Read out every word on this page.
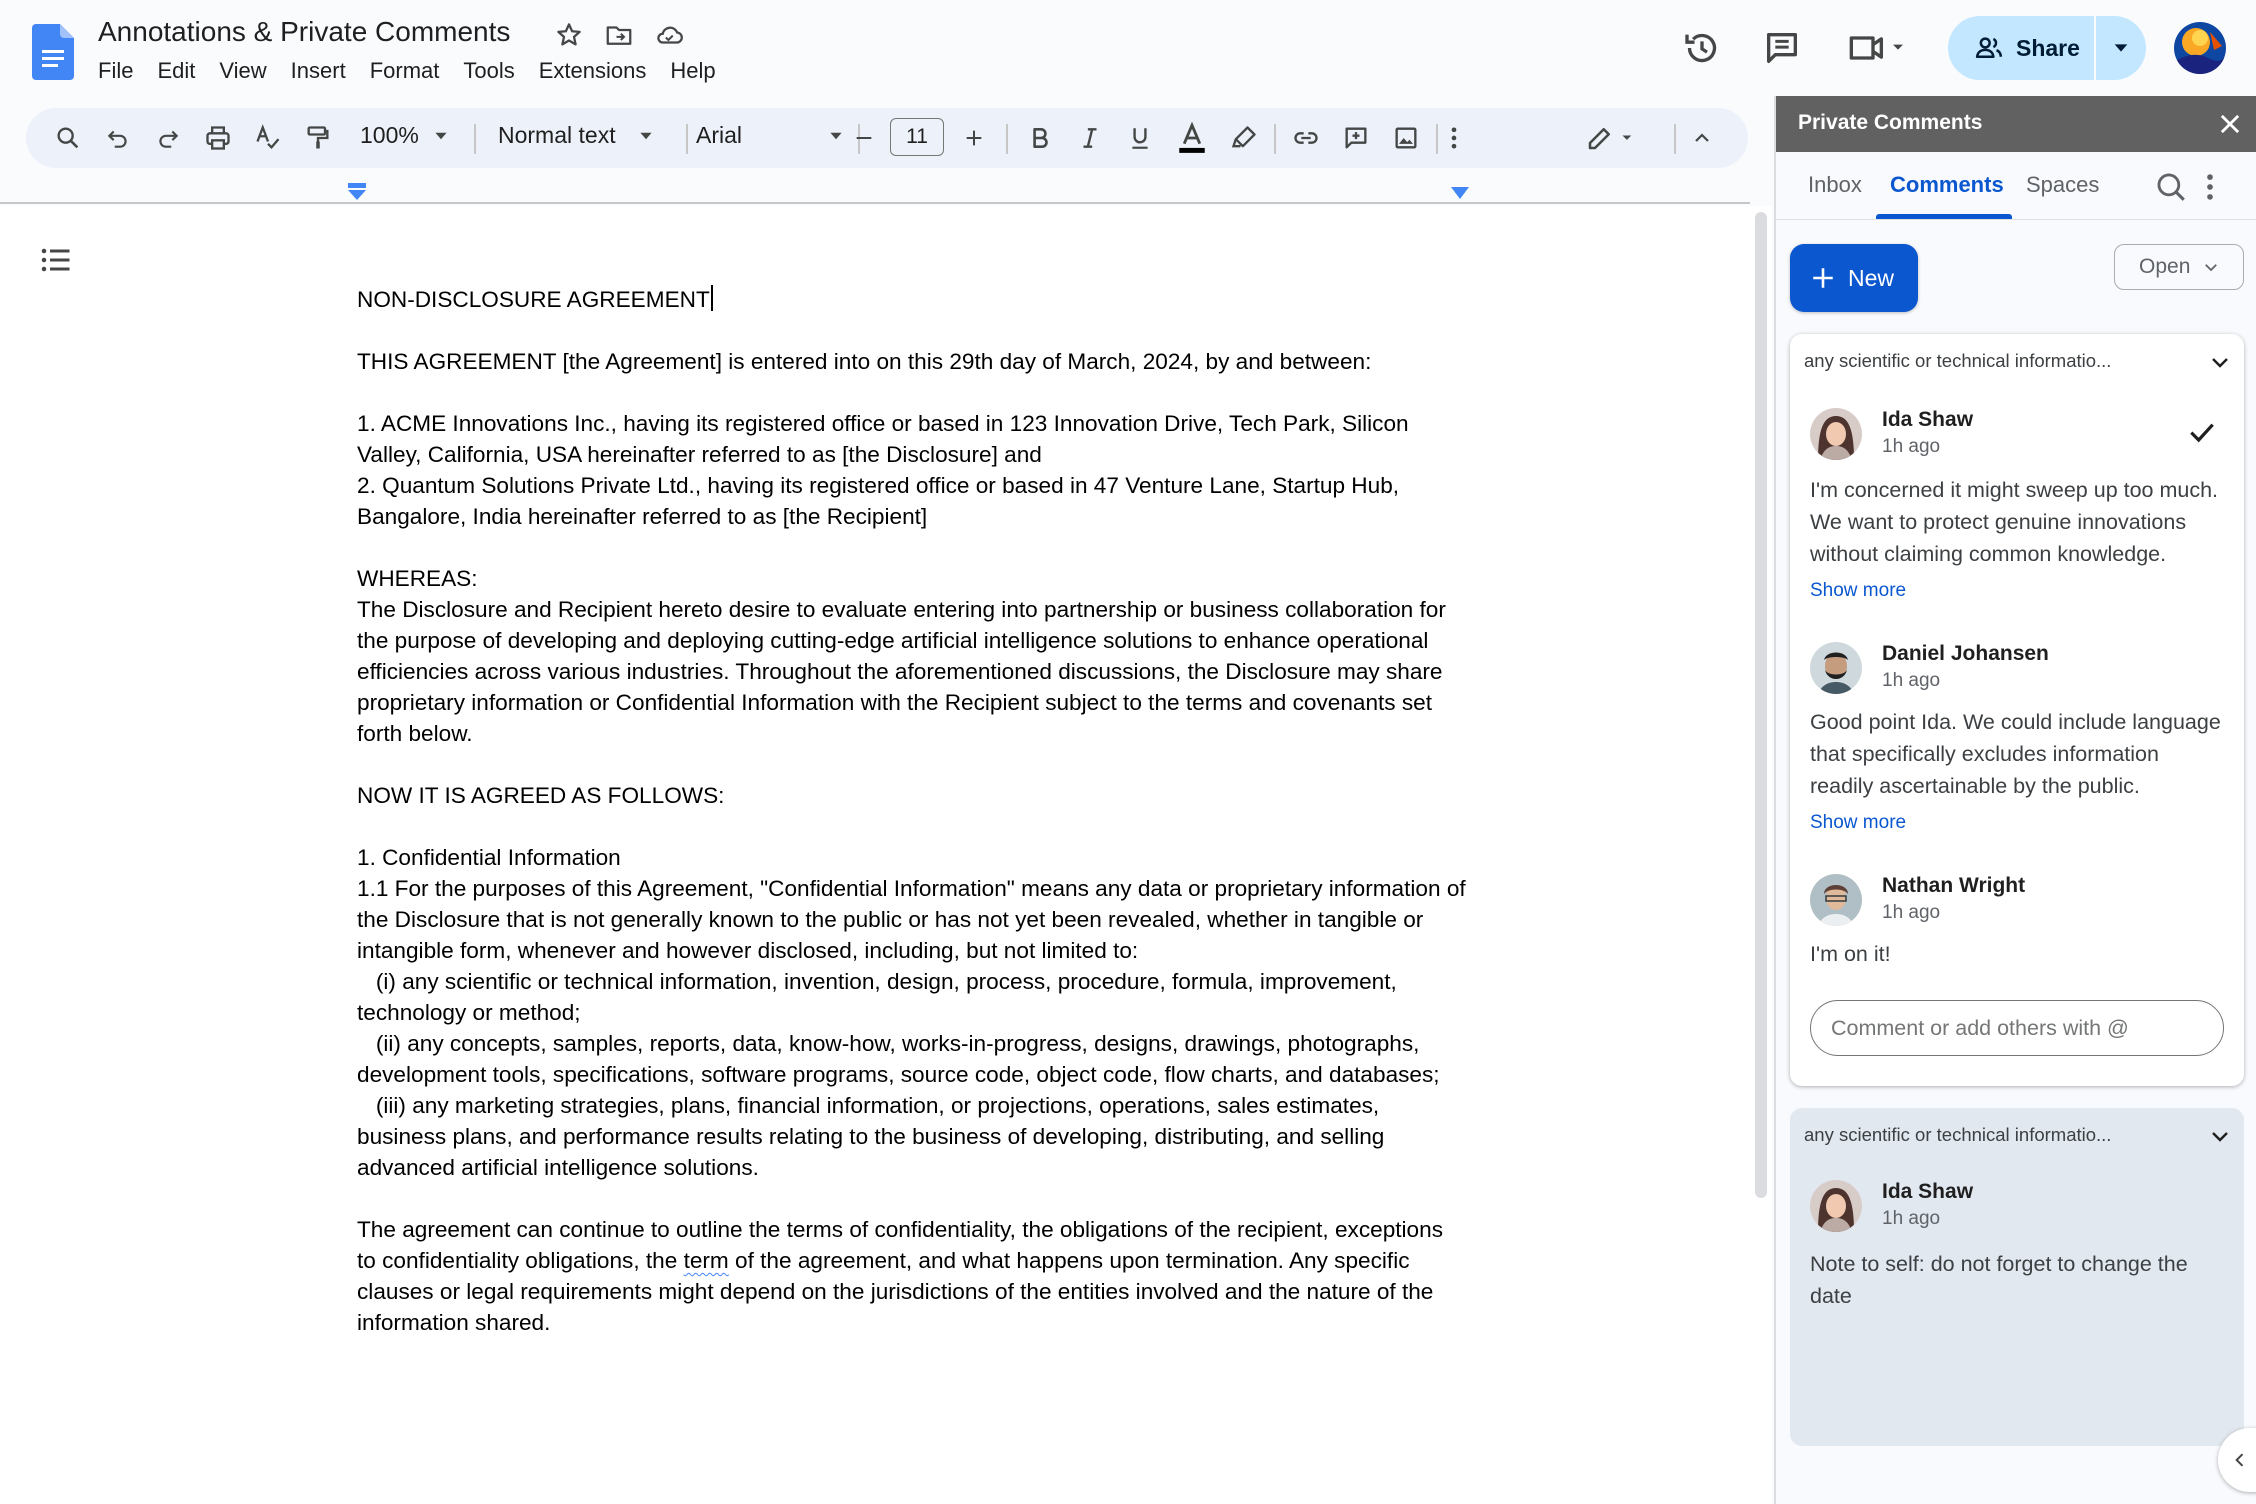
Annotations & Private Comments
File Edit View Insert Format Tools Extensions Help
Share
100%	Normal text	Arial	11

NON-DISCLOSURE AGREEMENT

THIS AGREEMENT [the Agreement] is entered into on this 29th day of March, 2024, by and between:

1. ACME Innovations Inc., having its registered office or based in 123 Innovation Drive, Tech Park, Silicon Valley, California, USA hereinafter referred to as [the Disclosure] and

2. Quantum Solutions Private Ltd., having its registered office or based in 47 Venture Lane, Startup Hub, Bangalore, India hereinafter referred to as [the Recipient]

WHEREAS:

The Disclosure and Recipient hereto desire to evaluate entering into partnership or business collaboration for the purpose of developing and deploying cutting-edge artificial intelligence solutions to enhance operational efficiencies across various industries. Throughout the aforementioned discussions, the Disclosure may share proprietary information or Confidential Information with the Recipient subject to the terms and covenants set forth below.

NOW IT IS AGREED AS FOLLOWS:

1. Confidential Information

1.1 For the purposes of this Agreement, "Confidential Information" means any data or proprietary information of the Disclosure that is not generally known to the public or has not yet been revealed, whether in tangible or intangible form, whenever and however disclosed, including, but not limited to:

(i) any scientific or technical information, invention, design, process, procedure, formula, improvement, technology or method;

(ii) any concepts, samples, reports, data, know-how, works-in-progress, designs, drawings, photographs, development tools, specifications, software programs, source code, object code, flow charts, and databases;

(iii) any marketing strategies, plans, financial information, or projections, operations, sales estimates, business plans, and performance results relating to the business of developing, distributing, and selling advanced artificial intelligence solutions.

The agreement can continue to outline the terms of confidentiality, the obligations of the recipient, exceptions to confidentiality obligations, the term of the agreement, and what happens upon termination. Any specific clauses or legal requirements might depend on the jurisdictions of the entities involved and the nature of the information shared.

Private Comments
Inbox Comments Spaces
New	Open
any scientific or technical informatio...
Ida Shaw
1h ago
I'm concerned it might sweep up too much. We want to protect genuine innovations without claiming common knowledge.
Show more
Daniel Johansen
1h ago
Good point Ida. We could include language that specifically excludes information readily ascertainable by the public.
Show more
Nathan Wright
1h ago
I'm on it!
Comment or add others with @
any scientific or technical informatio...
Ida Shaw
1h ago
Note to self: do not forget to change the date
